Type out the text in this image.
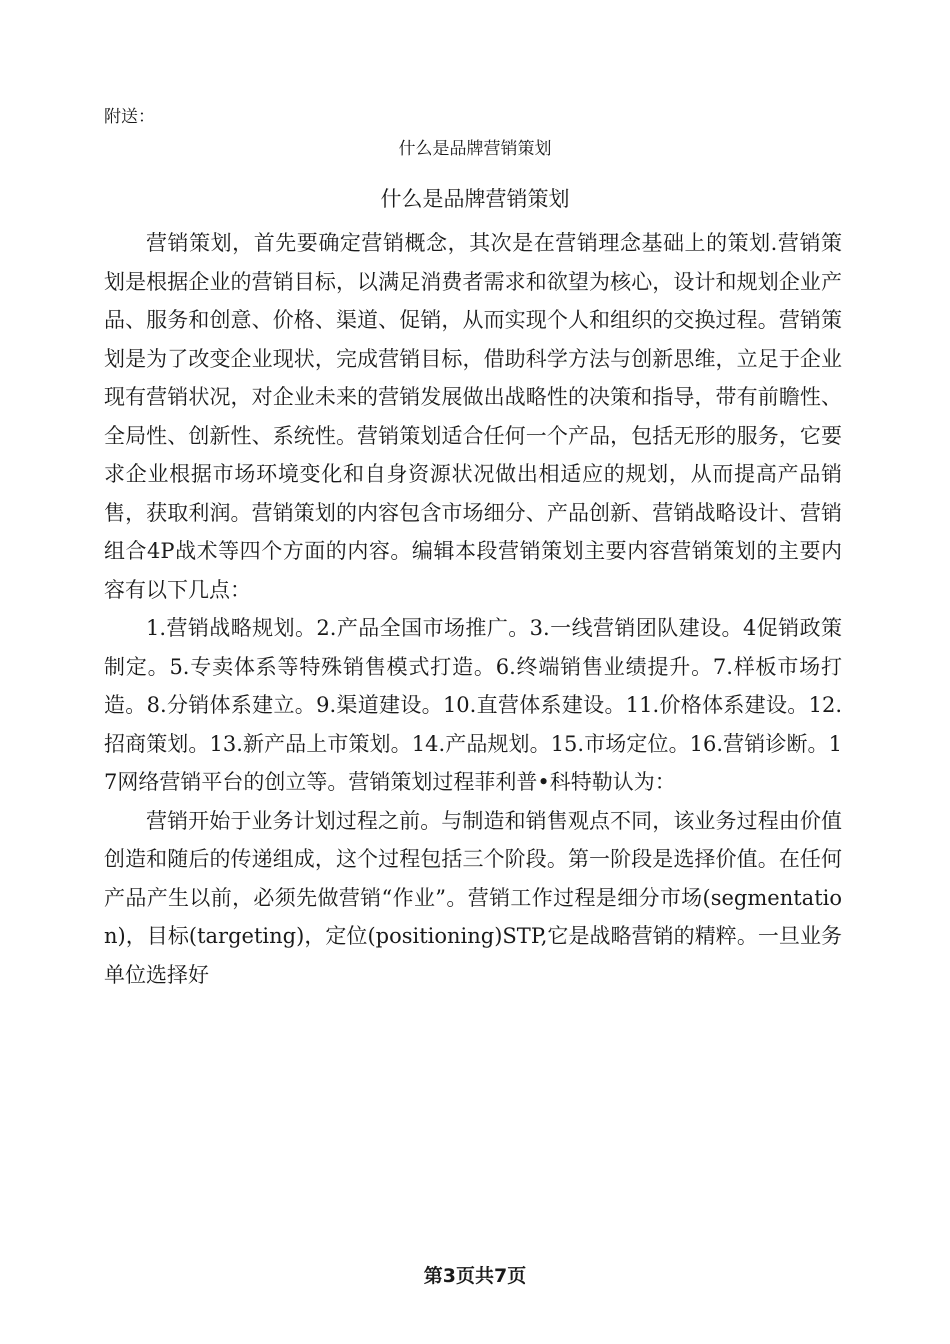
附送：
什么是品牌营销策划
什么是品牌营销策划

营销策划，首先要确定营销概念，其次是在营销理念基础上的策划.营销策划是根据企业的营销目标，以满足消费者需求和欲望为核心，设计和规划企业产品、服务和创意、价格、渠道、促销，从而实现个人和组织的交换过程。营销策划是为了改变企业现状，完成营销目标，借助科学方法与创新思维，立足于企业现有营销状况，对企业未来的营销发展做出战略性的决策和指导，带有前瞻性、全局性、创新性、系统性。营销策划适合任何一个产品，包括无形的服务，它要求企业根据市场环境变化和自身资源状况做出相适应的规划，从而提高产品销售，获取利润。营销策划的内容包含市场细分、产品创新、营销战略设计、营销组合4P战术等四个方面的内容。编辑本段营销策划主要内容营销策划的主要内容有以下几点：

1.营销战略规划。2.产品全国市场推广。3.一线营销团队建设。4促销政策制定。5.专卖体系等特殊销售模式打造。6.终端销售业绩提升。7.样板市场打造。8.分销体系建立。9.渠道建设。10.直营体系建设。11.价格体系建设。12.招商策划。13.新产品上市策划。14.产品规划。15.市场定位。16.营销诊断。17网络营销平台的创立等。营销策划过程菲利普•科特勒认为：

营销开始于业务计划过程之前。与制造和销售观点不同，该业务过程由价值创造和随后的传递组成，这个过程包括三个阶段。第一阶段是选择价值。在任何产品产生以前，必须先做营销“作业”。营销工作过程是细分市场(segmentation)，目标(targeting)，定位(positioning)STP,它是战略营销的精粹。一旦业务单位选择好

第3页共7页
